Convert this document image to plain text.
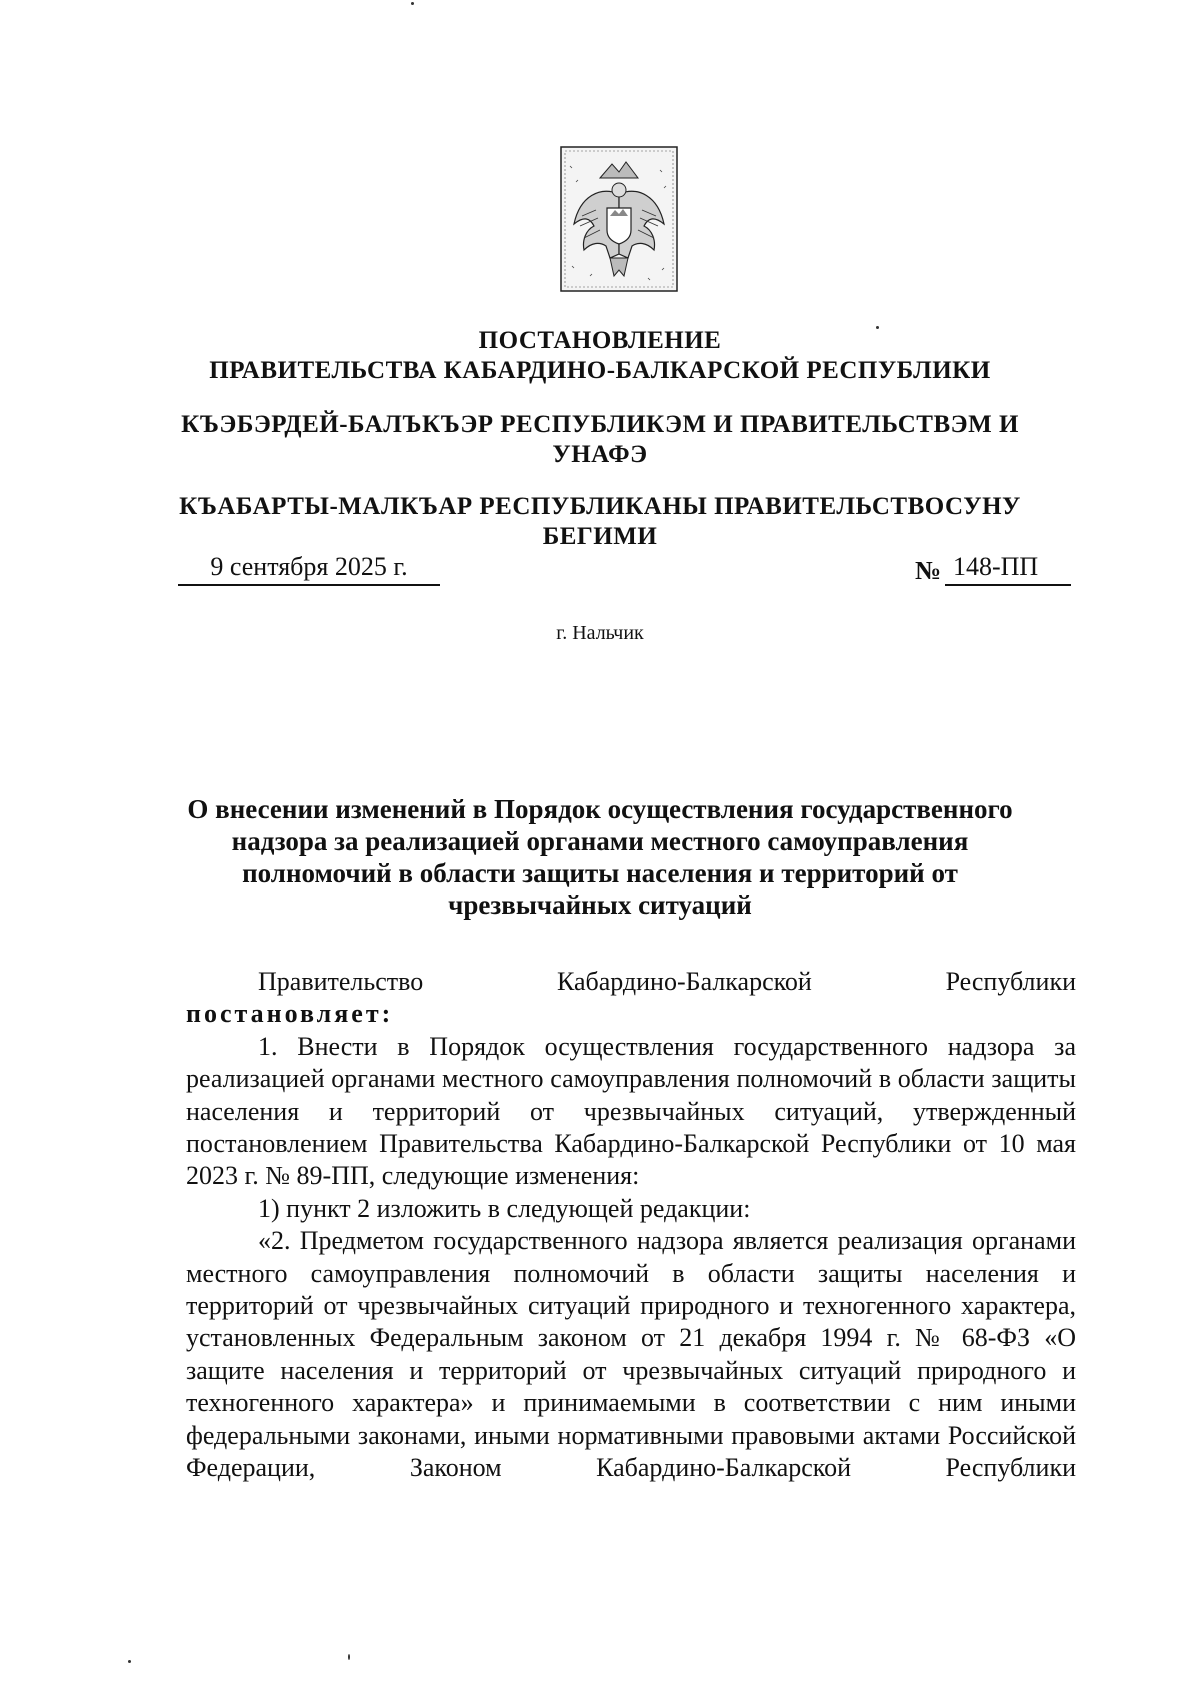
ПОСТАНОВЛЕНИЕ
ПРАВИТЕЛЬСТВА КАБАРДИНО-БАЛКАРСКОЙ РЕСПУБЛИКИ
КЪЭБЭРДЕЙ-БАЛЪКЪЭР РЕСПУБЛИКЭМ И ПРАВИТЕЛЬСТВЭМ И УНАФЭ
КЪАБАРТЫ-МАЛКЪАР РЕСПУБЛИКАНЫ ПРАВИТЕЛЬСТВОСУНУ БЕГИМИ
9 сентября 2025 г.	№ 148-ПП
г. Нальчик
О внесении изменений в Порядок осуществления государственного надзора за реализацией органами местного самоуправления полномочий в области защиты населения и территорий от чрезвычайных ситуаций
Правительство	Кабардино-Балкарской	Республики
постановляет:

1. Внести в Порядок осуществления государственного надзора за реализацией органами местного самоуправления полномочий в области защиты населения и территорий от чрезвычайных ситуаций, утвержденный постановлением Правительства Кабардино-Балкарской Республики от 10 мая 2023 г. № 89-ПП, следующие изменения:

1) пункт 2 изложить в следующей редакции:

«2. Предметом государственного надзора является реализация органами местного самоуправления полномочий в области защиты населения и территорий от чрезвычайных ситуаций природного и техногенного характера, установленных Федеральным законом от 21 декабря 1994 г. № 68-ФЗ «О защите населения и территорий от чрезвычайных ситуаций природного и техногенного характера» и принимаемыми в соответствии с ним иными федеральными законами, иными нормативными правовыми актами Российской Федерации, Законом Кабардино-Балкарской Республики
